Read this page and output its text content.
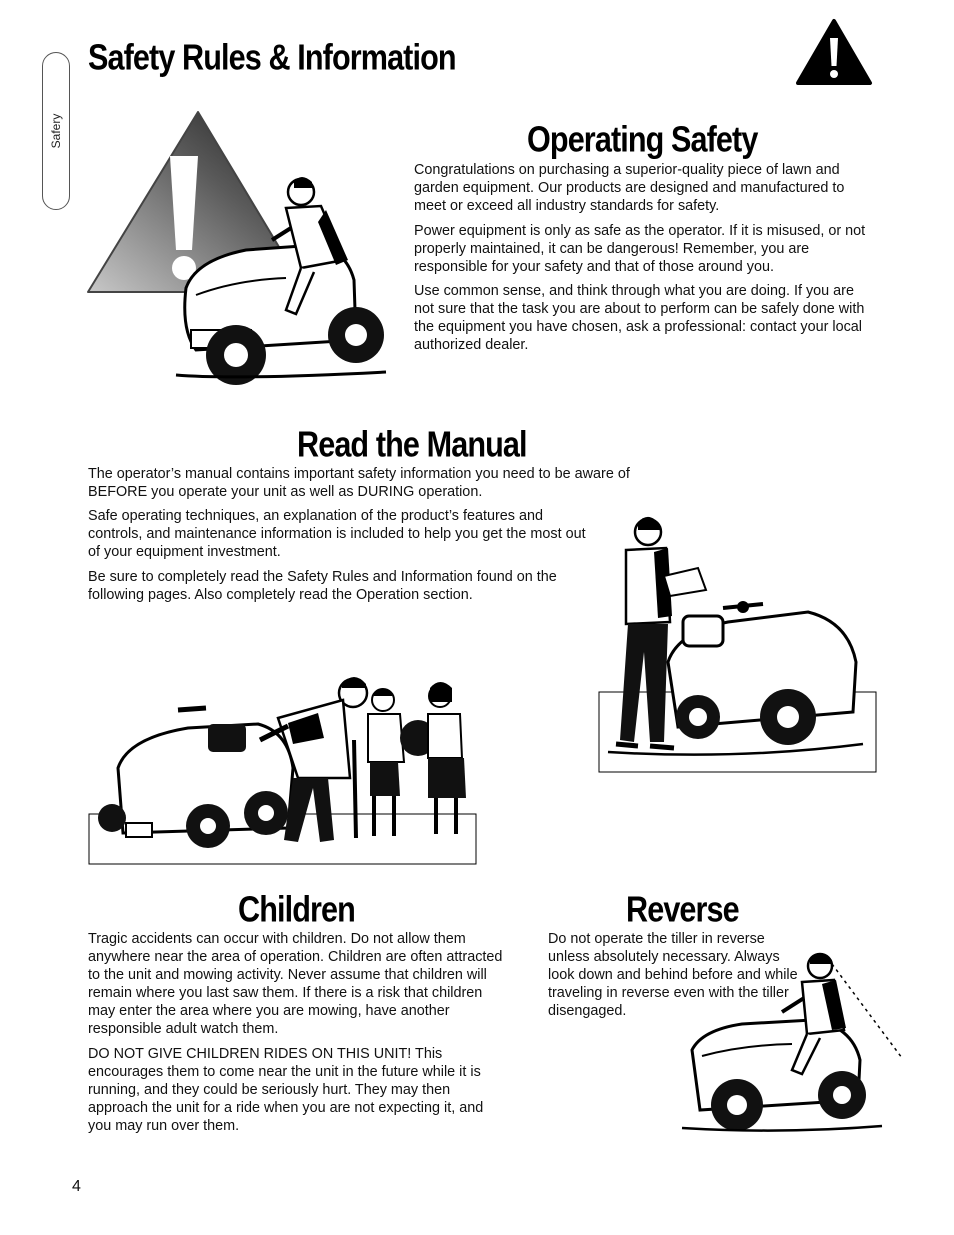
Safery
Safety Rules & Information
Operating Safety

Congratulations on purchasing a superior-quality piece of lawn and garden equipment. Our products are designed and manufactured to meet or exceed all industry standards for safety.

Power equipment is only as safe as the operator. If it is misused, or not properly maintained, it can be dangerous! Remember, you are responsible for your safety and that of those around you.

Use common sense, and think through what you are doing. If you are not sure that the task you are about to perform can be safely done with the equipment you have chosen, ask a professional: contact your local authorized dealer.

Read the Manual

The operator’s manual contains important safety information you need to be aware of BEFORE you operate your unit as well as DURING operation.

Safe operating techniques, an explanation of the product’s features and controls, and maintenance information is included to help you get the most out of your equipment investment.

Be sure to completely read the Safety Rules and Information found on the following pages. Also completely read the Operation section.

Children

Tragic accidents can occur with children. Do not allow them anywhere near the area of operation. Children are often attracted to the unit and mowing activity. Never assume that children will remain where you last saw them. If there is a risk that children may enter the area where you are mowing, have another responsible adult watch them.

DO NOT GIVE CHILDREN RIDES ON THIS UNIT! This encourages them to come near the unit in the future while it is running, and they could be seriously hurt. They may then approach the unit for a ride when you are not expecting it, and you may run over them.

Reverse

Do not operate the tiller in reverse unless absolutely necessary. Always look down and behind before and while traveling in reverse even with the tiller disengaged.

4
